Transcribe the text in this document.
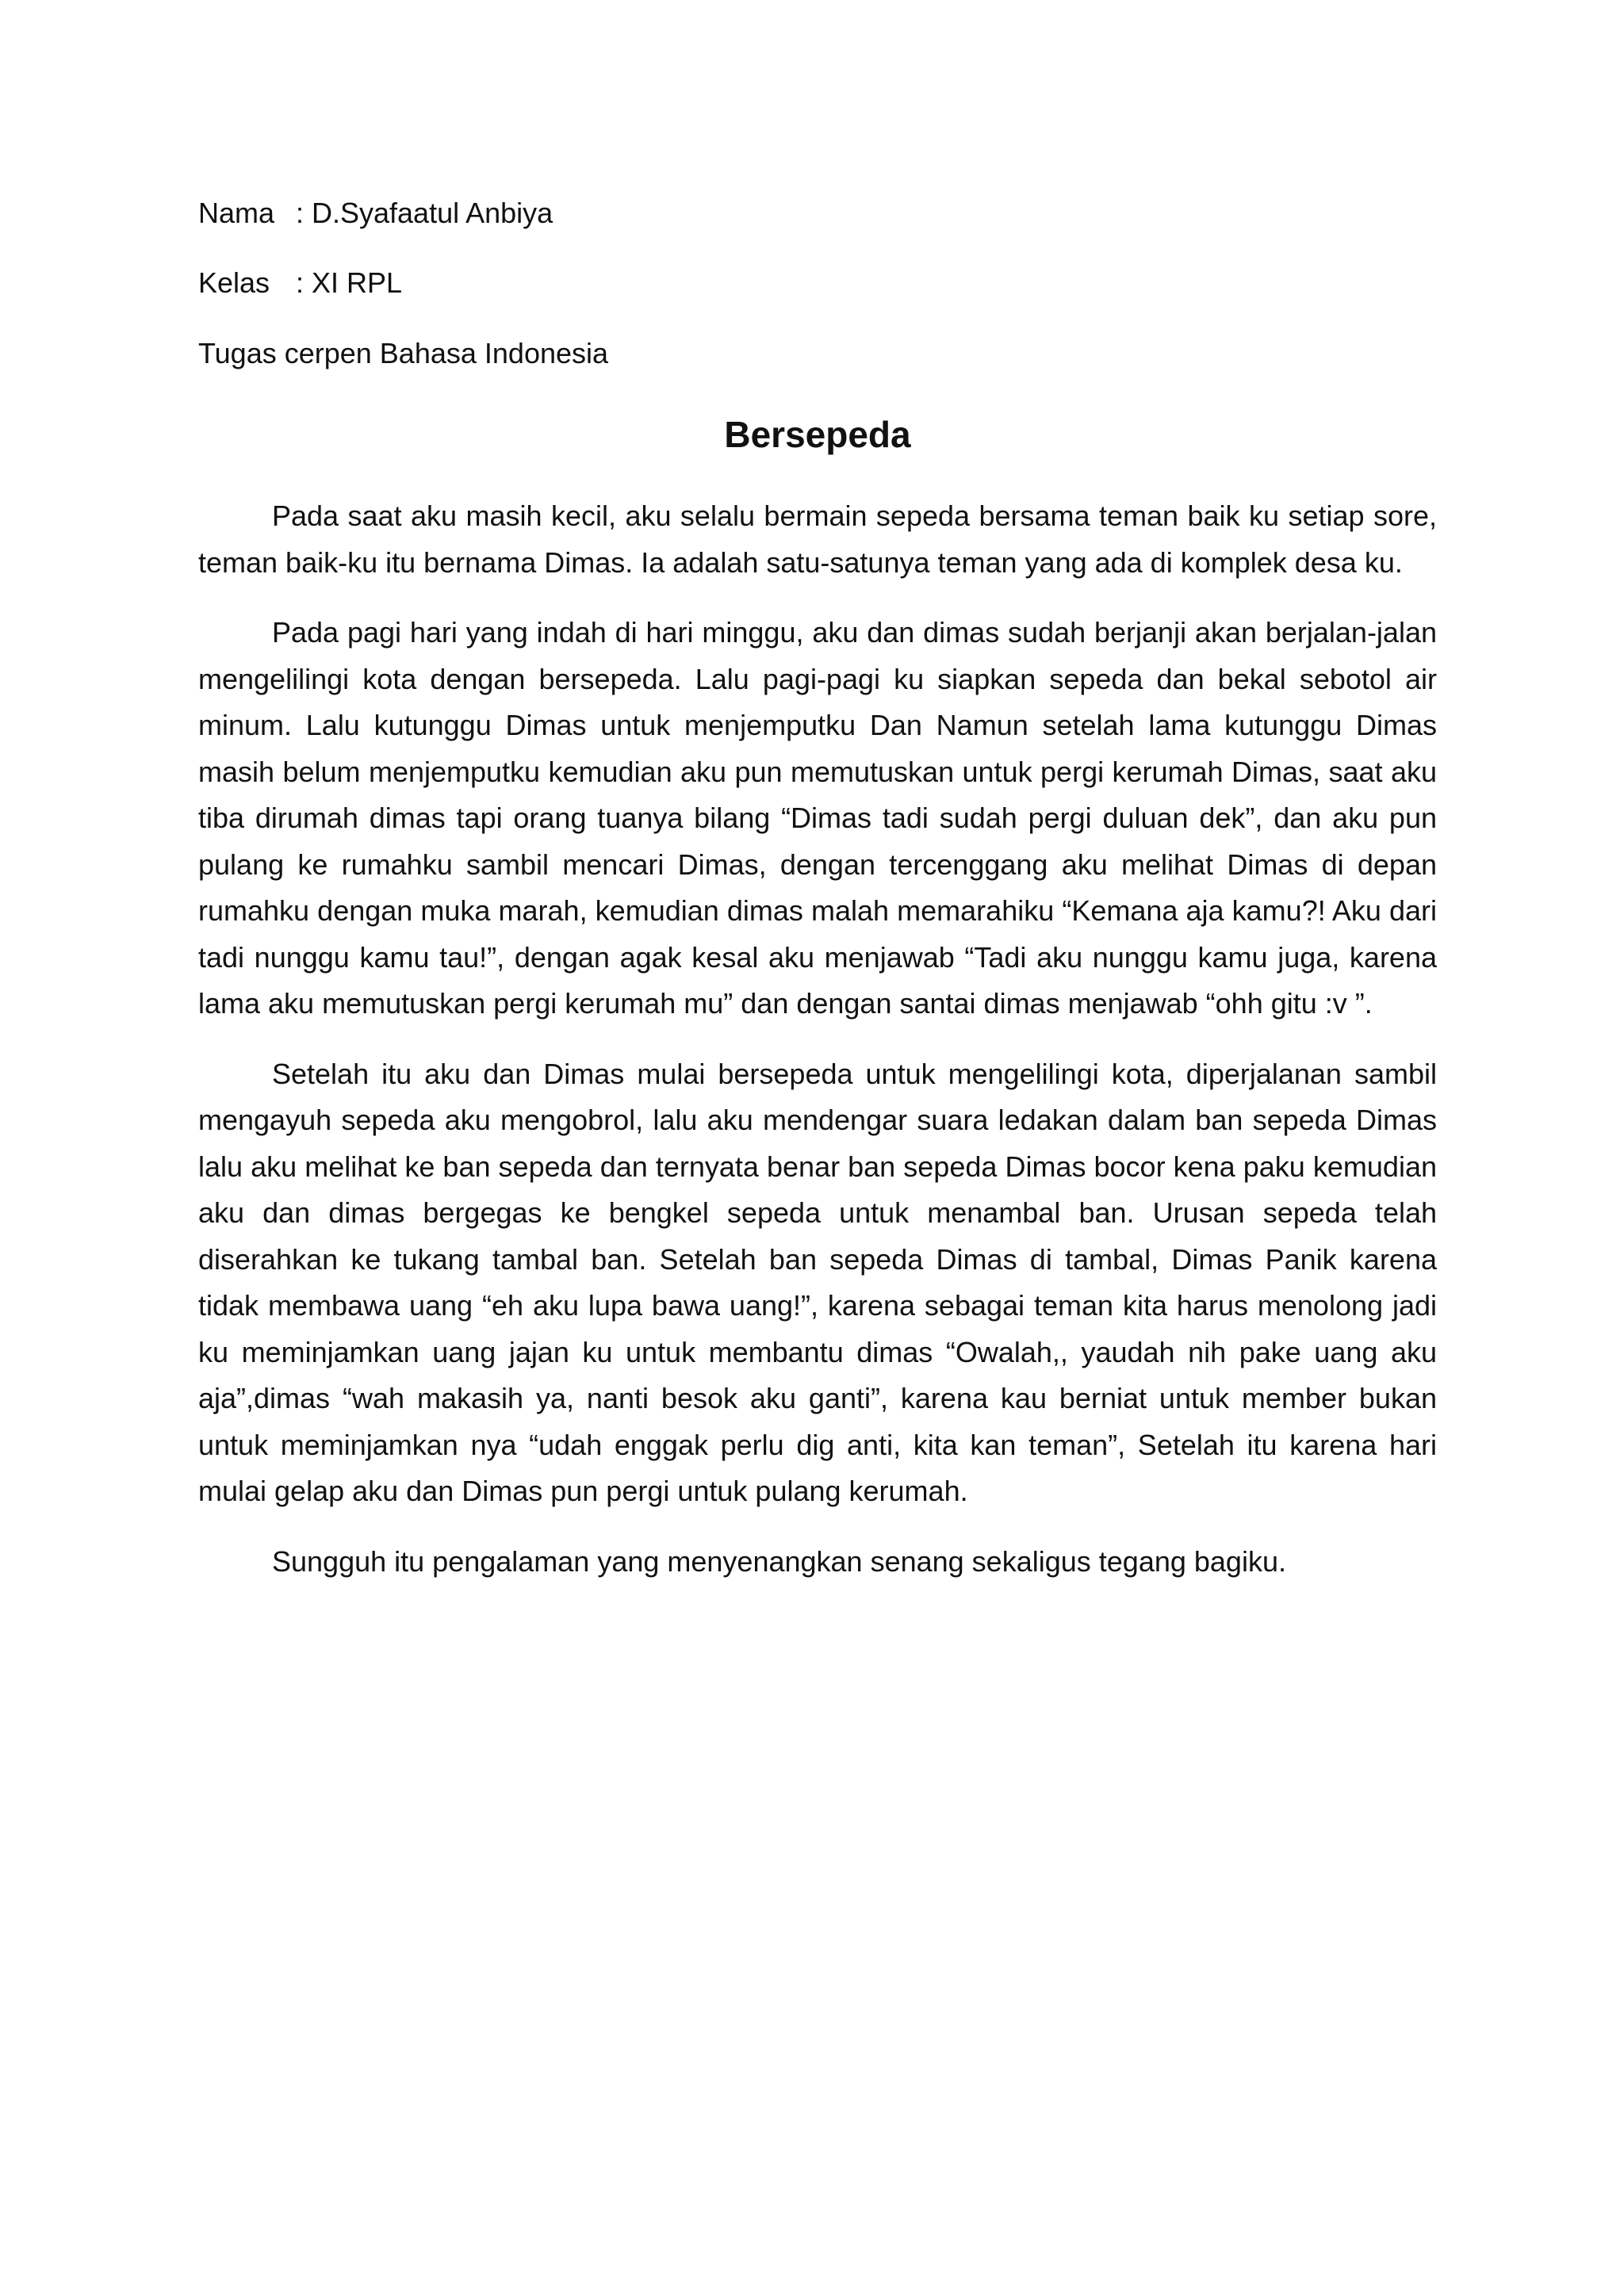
Nama : D.Syafaatul Anbiya
Kelas : XI RPL
Tugas cerpen Bahasa Indonesia
Bersepeda

Pada saat aku masih kecil, aku selalu bermain sepeda bersama teman baik ku setiap sore, teman baik-ku itu bernama Dimas. Ia adalah satu-satunya teman yang ada di komplek desa ku.

Pada pagi hari yang indah di hari minggu, aku dan dimas sudah berjanji akan berjalan-jalan mengelilingi kota dengan bersepeda. Lalu pagi-pagi ku siapkan sepeda dan bekal sebotol air minum. Lalu kutunggu Dimas untuk menjemputku Dan Namun setelah lama kutunggu Dimas masih belum menjemputku kemudian aku pun memutuskan untuk pergi kerumah Dimas, saat aku tiba dirumah dimas tapi orang tuanya bilang “Dimas tadi sudah pergi duluan dek”, dan aku pun pulang ke rumahku sambil mencari Dimas, dengan tercenggang aku melihat Dimas di depan rumahku dengan muka marah, kemudian dimas malah memarahiku “Kemana aja kamu?! Aku dari tadi nunggu kamu tau!”, dengan agak kesal aku menjawab “Tadi aku nunggu kamu juga, karena lama aku memutuskan pergi kerumah mu” dan dengan santai dimas menjawab “ohh gitu :v ”.

Setelah itu aku dan Dimas mulai bersepeda untuk mengelilingi kota, diperjalanan sambil mengayuh sepeda aku mengobrol, lalu aku mendengar suara ledakan dalam ban sepeda Dimas lalu aku melihat ke ban sepeda dan ternyata benar ban sepeda Dimas bocor kena paku kemudian aku dan dimas bergegas ke bengkel sepeda untuk menambal ban. Urusan sepeda telah diserahkan ke tukang tambal ban. Setelah ban sepeda Dimas di tambal, Dimas Panik karena tidak membawa uang “eh aku lupa bawa uang!”, karena sebagai teman kita harus menolong jadi ku meminjamkan uang jajan ku untuk membantu dimas “Owalah,, yaudah nih pake uang aku aja”,dimas “wah makasih ya, nanti besok aku ganti”, karena kau berniat untuk member bukan untuk meminjamkan nya “udah enggak perlu dig anti, kita kan teman”, Setelah itu karena hari mulai gelap aku dan Dimas pun pergi untuk pulang kerumah.

Sungguh itu pengalaman yang menyenangkan senang sekaligus tegang bagiku.
